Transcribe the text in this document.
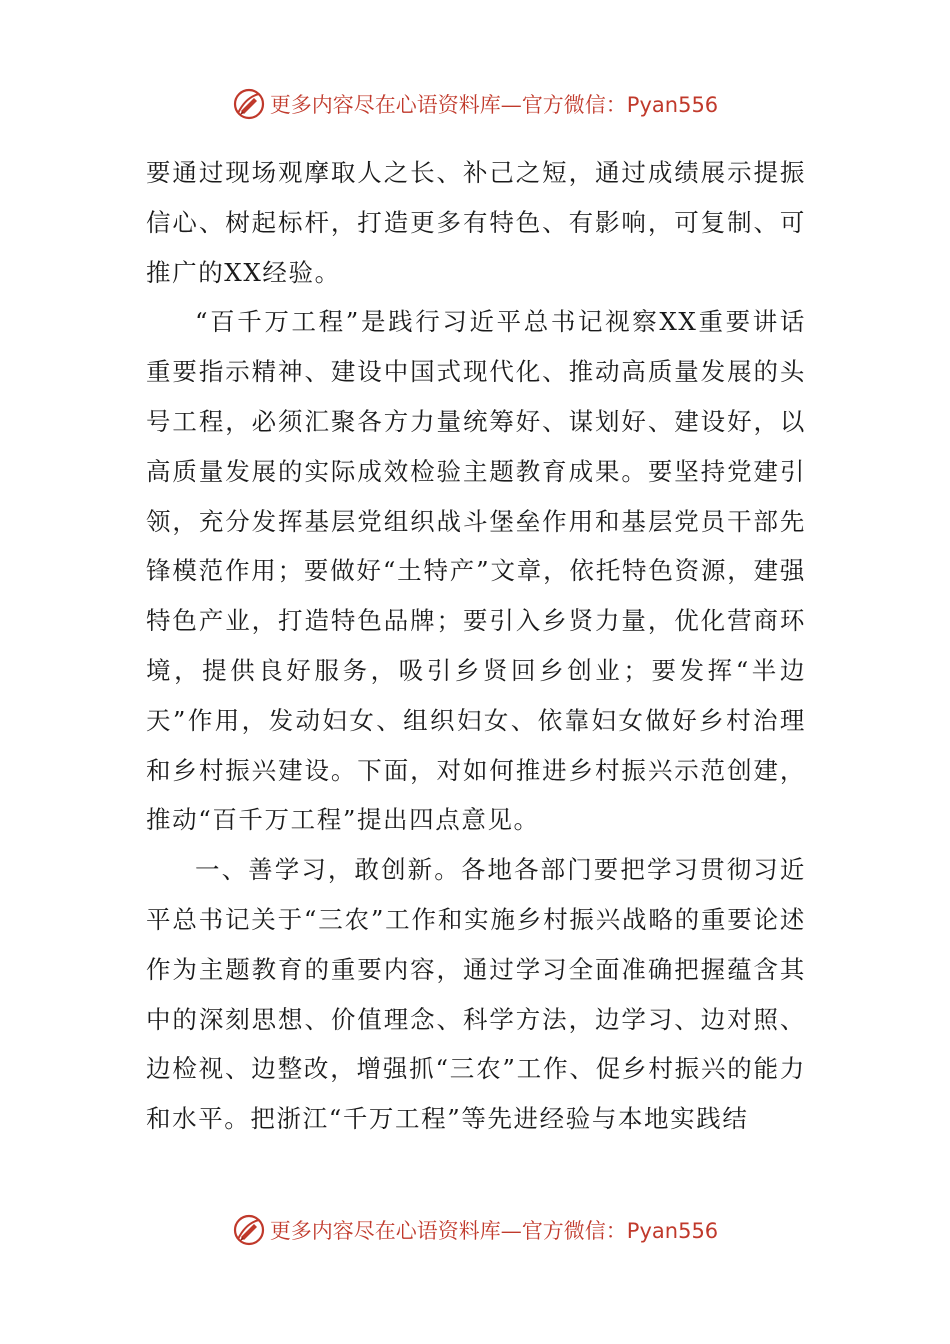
更多内容尽在心语资料库— 官方微信：Pyan556

要通过现场观摩取人之长、补己之短，通过成绩展示提振信心、树起标杆，打造更多有特色、有影响，可复制、可推广的XX经验。

“百千万工程”是践行习近平总书记视察XX重要讲话重要指示精神、建设中国式现代化、推动高质量发展的头号工程，必须汇聚各方力量统筹好、谋划好、建设好，以高质量发展的实际成效检验主题教育成果。要坚持党建引领，充分发挥基层党组织战斗堡垒作用和基层党员干部先锋模范作用；要做好“土特产”文章，依托特色资源，建强特色产业，打造特色品牌；要引入乡贤力量，优化营商环境，提供良好服务，吸引乡贤回乡创业；要发挥“半边天”作用，发动妇女、组织妇女、依靠妇女做好乡村治理和乡村振兴建设。下面，对如何推进乡村振兴示范创建，推动“百千万工程”提出四点意见。

一、善学习，敢创新。各地各部门要把学习贯彻习近平总书记关于“三农”工作和实施乡村振兴战略的重要论述作为主题教育的重要内容，通过学习全面准确把握蕴含其中的深刻思想、价值理念、科学方法，边学习、边对照、边检视、边整改，增强抓“三农”工作、促乡村振兴的能力和水平。把浙江“千万工程”等先进经验与本地实践结

更多内容尽在心语资料库— 官方微信：Pyan556
